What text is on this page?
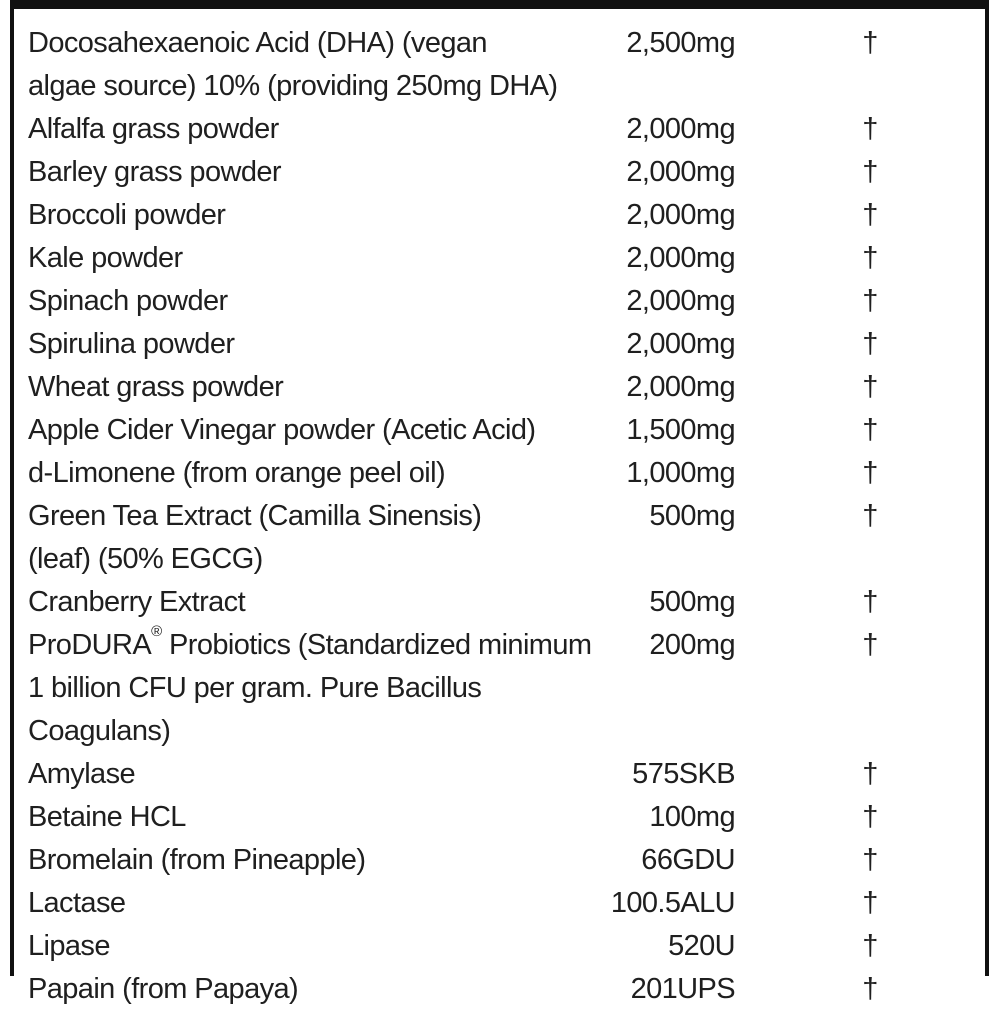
Docosahexaenoic Acid (DHA) (vegan
algae source) 10% (providing 250mg DHA)
2,500mg	†
Alfalfa grass powder	2,000mg	†
Barley grass powder	2,000mg	†
Broccoli powder	2,000mg	†
Kale powder	2,000mg	†
Spinach powder	2,000mg	†
Spirulina powder	2,000mg	†
Wheat grass powder	2,000mg	†
Apple Cider Vinegar powder (Acetic Acid)	1,500mg	†
d-Limonene (from orange peel oil)	1,000mg	†
Green Tea Extract (Camilla Sinensis)
(leaf) (50% EGCG)
500mg	†
Cranberry Extract	500mg	†
ProDURA® Probiotics (Standardized minimum
1 billion CFU per gram. Pure Bacillus Coagulans)
200mg	†
Amylase	575SKB	†
Betaine HCL	100mg	†
Bromelain (from Pineapple)	66GDU	†
Lactase	100.5ALU	†
Lipase	520U	†
Papain (from Papaya)	201UPS	†
